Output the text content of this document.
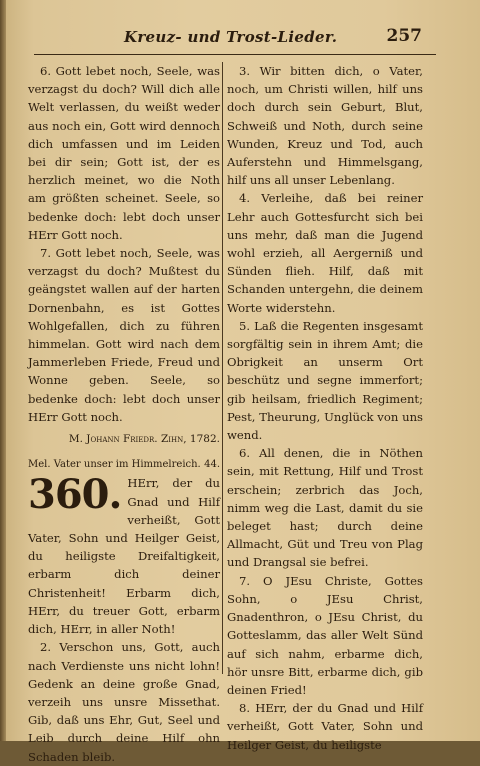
Kreuz- und Trost-Lieder.	257

6. Gott lebet noch, Seele, was verzagst du doch? Will dich alle Welt verlassen, du weißt weder aus noch ein, Gott wird dennoch dich umfassen und im Leiden bei dir sein; Gott ist, der es herzlich meinet, wo die Noth am größten scheinet. Seele, so bedenke doch: lebt doch unser HErr Gott noch.

7. Gott lebet noch, Seele, was verzagst du doch? Mußtest du geängstet wallen auf der harten Dornenbahn, es ist Gottes Wohlgefallen, dich zu führen himmelan. Gott wird nach dem Jammerleben Friede, Freud und Wonne geben. Seele, so bedenke doch: lebt doch unser HErr Gott noch.

M. Johann Friedr. Zihn, 1782.
Mel. Vater unser im Himmelreich. 44.
360. HErr, der du Gnad und Hilf verheißt, Gott Vater, Sohn und Heilger Geist, du heiligste Dreifaltigkeit, erbarm dich deiner Christenheit! Erbarm dich, HErr, du treuer Gott, erbarm dich, HErr, in aller Noth!

2. Verschon uns, Gott, auch nach Verdienste uns nicht lohn! Gedenk an deine große Gnad, verzeih uns unsre Missethat. Gib, daß uns Ehr, Gut, Seel und Leib durch deine Hilf ohn Schaden bleib.

3. Wir bitten dich, o Vater, noch, um Christi willen, hilf uns doch durch sein Geburt, Blut, Schweiß und Noth, durch seine Wunden, Kreuz und Tod, auch Auferstehn und Himmelsgang, hilf uns all unser Lebenlang.

4. Verleihe, daß bei reiner Lehr auch Gottesfurcht sich bei uns mehr, daß man die Jugend wohl erzieh, all Aergerniß und Sünden flieh. Hilf, daß mit Schanden untergehn, die deinem Worte widerstehn.

5. Laß die Regenten insgesamt sorgfältig sein in ihrem Amt; die Obrigkeit an unserm Ort beschütz und segne immerfort; gib heilsam, friedlich Regiment; Pest, Theurung, Unglück von uns wend.

6. All denen, die in Nöthen sein, mit Rettung, Hilf und Trost erschein; zerbrich das Joch, nimm weg die Last, damit du sie beleget hast; durch deine Allmacht, Güt und Treu von Plag und Drangsal sie befrei.

7. O JEsu Christe, Gottes Sohn, o JEsu Christ, Gnadenthron, o JEsu Christ, du Gotteslamm, das aller Welt Sünd auf sich nahm, erbarme dich, hör unsre Bitt, erbarme dich, gib deinen Fried!

8. HErr, der du Gnad und Hilf verheißt, Gott Vater, Sohn und Heilger Geist, du heiligste
